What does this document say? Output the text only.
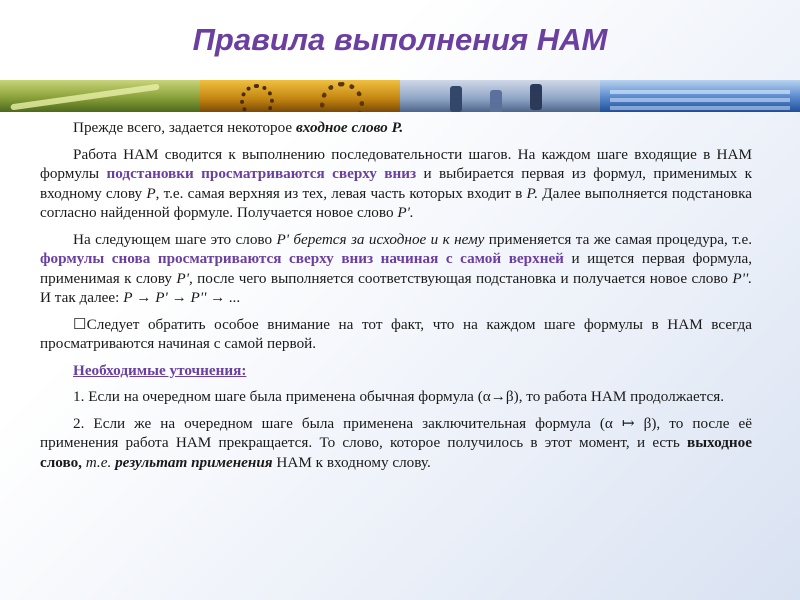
Правила выполнения НАМ

Прежде всего, задается некоторое входное слово Р.

Работа НАМ сводится к выполнению последовательности шагов. На каждом шаге входящие в НАМ формулы подстановки просматриваются сверху вниз и выбирается первая из формул, применимых к входному слову Р, т.е. самая верхняя из тех, левая часть которых входит в Р. Далее выполняется подстановка согласно найденной формуле. Получается новое слово Р'.

На следующем шаге это слово Р' берется за исходное и к нему применяется та же самая процедура, т.е. формулы снова просматриваются сверху вниз начиная с самой верхней и ищется первая формула, применимая к слову Р', после чего выполняется соответствующая подстановка и получается новое слово Р''. И так далее: Р → Р' → Р'' → ...

☐Следует обратить особое внимание на тот факт, что на каждом шаге формулы в НАМ всегда просматриваются начиная с самой первой.

Необходимые уточнения:

1. Если на очередном шаге была применена обычная формула (α→β), то работа НАМ продолжается.

2. Если же на очередном шаге была применена заключительная формула (α ↦ β), то после её применения работа НАМ прекращается. То слово, которое получилось в этот момент, и есть выходное слово, т.е. результат применения НАМ к входному слову.
